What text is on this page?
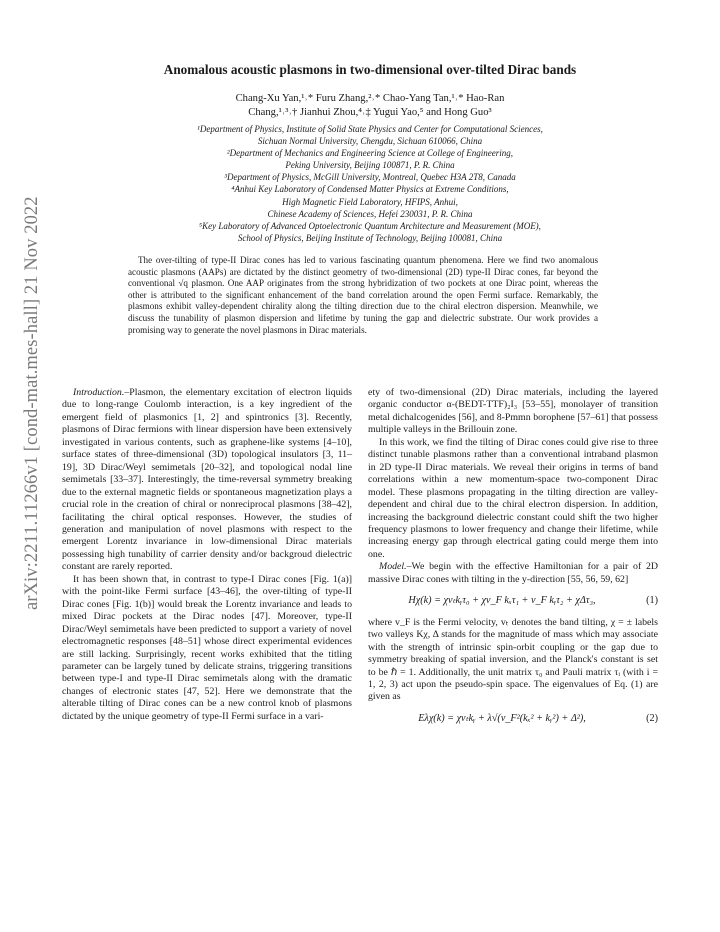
arXiv:2211.11266v1 [cond-mat.mes-hall] 21 Nov 2022
Anomalous acoustic plasmons in two-dimensional over-tilted Dirac bands
Chang-Xu Yan,¹˒* Furu Zhang,²˒* Chao-Yang Tan,¹˒* Hao-Ran
Chang,¹˒³˒† Jianhui Zhou,⁴˒‡ Yugui Yao,⁵ and Hong Guo³
¹Department of Physics, Institute of Solid State Physics and Center for Computational Sciences,
Sichuan Normal University, Chengdu, Sichuan 610066, China
²Department of Mechanics and Engineering Science at College of Engineering,
Peking University, Beijing 100871, P. R. China
³Department of Physics, McGill University, Montreal, Quebec H3A 2T8, Canada
⁴Anhui Key Laboratory of Condensed Matter Physics at Extreme Conditions,
High Magnetic Field Laboratory, HFIPS, Anhui,
Chinese Academy of Sciences, Hefei 230031, P. R. China
⁵Key Laboratory of Advanced Optoelectronic Quantum Architecture and Measurement (MOE),
School of Physics, Beijing Institute of Technology, Beijing 100081, China
The over-tilting of type-II Dirac cones has led to various fascinating quantum phenomena. Here we find two anomalous acoustic plasmons (AAPs) are dictated by the distinct geometry of two-dimensional (2D) type-II Dirac cones, far beyond the conventional √q plasmon. One AAP originates from the strong hybridization of two pockets at one Dirac point, whereas the other is attributed to the significant enhancement of the band correlation around the open Fermi surface. Remarkably, the plasmons exhibit valley-dependent chirality along the tilting direction due to the chiral electron dispersion. Meanwhile, we discuss the tunability of plasmon dispersion and lifetime by tuning the gap and dielectric substrate. Our work provides a promising way to generate the novel plasmons in Dirac materials.

Introduction.–Plasmon, the elementary excitation of electron liquids due to long-range Coulomb interaction, is a key ingredient of the emergent field of plasmonics [1, 2] and spintronics [3]. Recently, plasmons of Dirac fermions with linear dispersion have been extensively investigated in various contents, such as graphene-like systems [4–10], surface states of three-dimensional (3D) topological insulators [3, 11–19], 3D Dirac/Weyl semimetals [20–32], and topological nodal line semimetals [33–37]. Interestingly, the time-reversal symmetry breaking due to the external magnetic fields or spontaneous magnetization plays a crucial role in the creation of chiral or nonreciprocal plasmons [38–42], facilitating the chiral optical responses. However, the studies of generation and manipulation of novel plasmons with respect to the emergent Lorentz invariance in low-dimensional Dirac materials possessing high tunability of carrier density and/or backgroud dielectric constant are rarely reported.

It has been shown that, in contrast to type-I Dirac cones [Fig. 1(a)] with the point-like Fermi surface [43–46], the over-tilting of type-II Dirac cones [Fig. 1(b)] would break the Lorentz invariance and leads to mixed Dirac pockets at the Dirac nodes [47]. Moreover, type-II Dirac/Weyl semimetals have been predicted to support a variety of novel electromagnetic responses [48–51] whose direct experimental evidences are still lacking. Surprisingly, recent works exhibited that the titling parameter can be largely tuned by delicate strains, triggering transitions between type-I and type-II Dirac semimetals along with the dramatic changes of electronic states [47, 52]. Here we demonstrate that the alterable tilting of Dirac cones can be a new control knob of plasmons dictated by the unique geometry of type-II Fermi surface in a vari-

ety of two-dimensional (2D) Dirac materials, including the layered organic conductor α-(BEDT-TTF)₂I₃ [53–55], monolayer of transition metal dichalcogenides [56], and 8-Pmmn borophene [57–61] that possess multiple valleys in the Brillouin zone.

In this work, we find the tilting of Dirac cones could give rise to three distinct tunable plasmons rather than a conventional intraband plasmon in 2D type-II Dirac materials. We reveal their origins in terms of band correlations within a new momentum-space two-component Dirac model. These plasmons propagating in the tilting direction are valley-dependent and chiral due to the chiral electron dispersion. In addition, increasing the background dielectric constant could shift the two higher frequency plasmons to lower frequency and change their lifetime, while increasing energy gap through electrical gating could merge them into one.

Model.–We begin with the effective Hamiltonian for a pair of 2D massive Dirac cones with tilting in the y-direction [55, 56, 59, 62]

Hχ(k) = χvₜkᵧτ₀ + χv_F kₓτ₁ + v_F kᵧτ₂ + χΔτ₃,	(1)

where v_F is the Fermi velocity, vₜ denotes the band tilting, χ = ± labels two valleys Kχ, Δ stands for the magnitude of mass which may associate with the strength of intrinsic spin-orbit coupling or the gap due to symmetry breaking of spatial inversion, and the Planck's constant is set to be ℏ = 1. Additionally, the unit matrix τ₀ and Pauli matrix τᵢ (with i = 1, 2, 3) act upon the pseudo-spin space. The eigenvalues of Eq. (1) are given as

Eλχ(k) = χvₜkᵧ + λ√(v_F²(kₓ² + kᵧ²) + Δ²),	(2)
